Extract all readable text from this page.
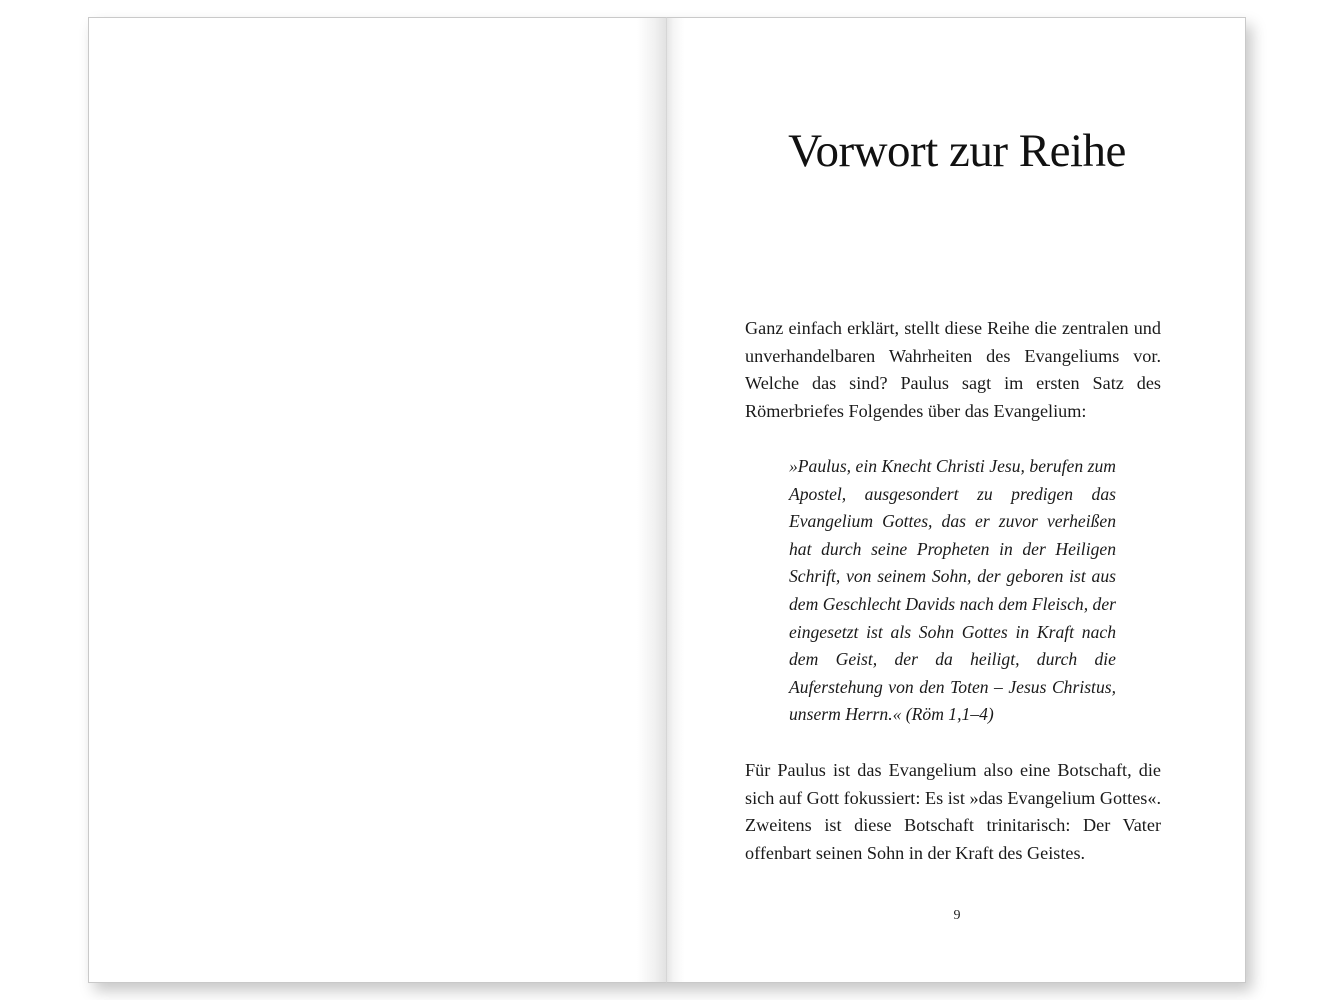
Vorwort zur Reihe

Ganz einfach erklärt, stellt diese Reihe die zentralen und unverhandelbaren Wahrheiten des Evangeliums vor. Welche das sind? Paulus sagt im ersten Satz des Römerbriefes Folgendes über das Evangelium:

»Paulus, ein Knecht Christi Jesu, berufen zum Apostel, ausgesondert zu predigen das Evangelium Gottes, das er zuvor verheißen hat durch seine Propheten in der Heiligen Schrift, von seinem Sohn, der geboren ist aus dem Geschlecht Davids nach dem Fleisch, der eingesetzt ist als Sohn Gottes in Kraft nach dem Geist, der da heiligt, durch die Auferstehung von den Toten – Jesus Christus, unserm Herrn.« (Röm 1,1–4)

Für Paulus ist das Evangelium also eine Botschaft, die sich auf Gott fokussiert: Es ist »das Evangelium Gottes«. Zweitens ist diese Botschaft trinitarisch: Der Vater offenbart seinen Sohn in der Kraft des Geistes.

9
